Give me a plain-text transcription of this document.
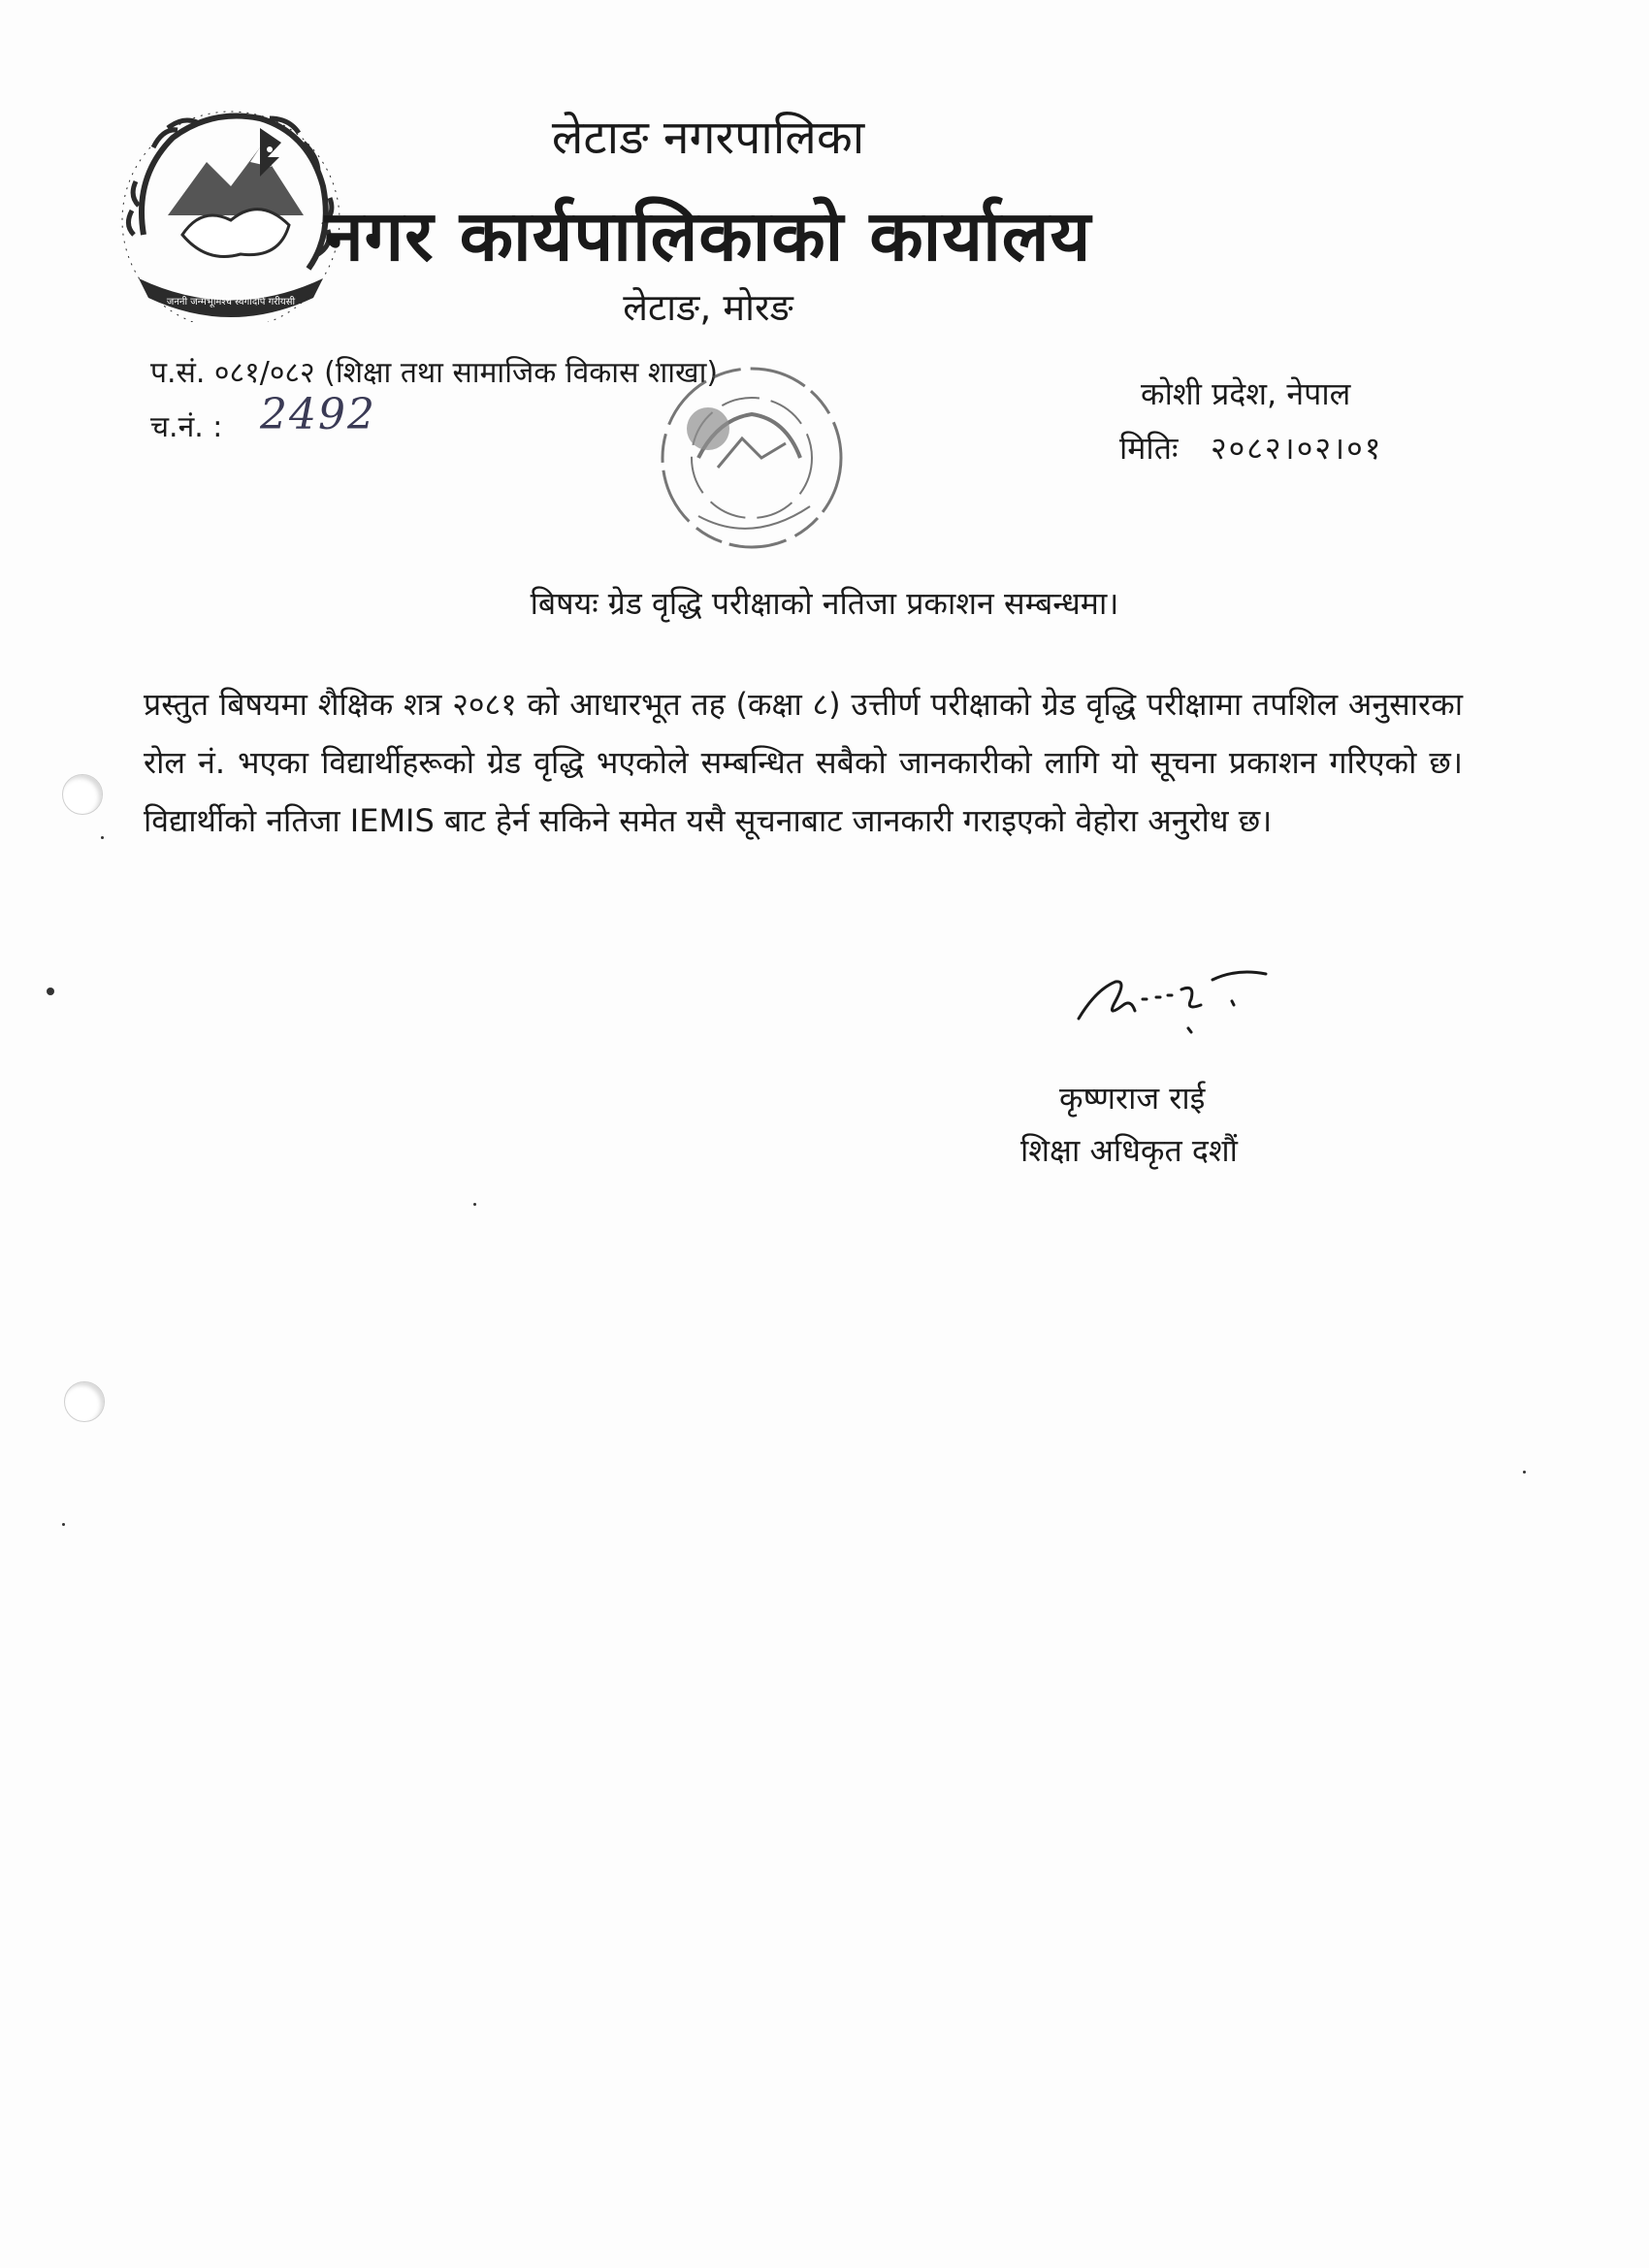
जननी जन्मभूमिश्च स्वर्गादपि गरीयसी
लेटाङ नगरपालिका
नगर कार्यपालिकाको कार्यालय
लेटाङ, मोरङ
प.सं. ०८१/०८२ (शिक्षा तथा सामाजिक विकास शाखा)
च.नं. : 2492	कोशी प्रदेश, नेपाल
मितिः २०८२।०२।०१
बिषयः ग्रेड वृद्धि परीक्षाको नतिजा प्रकाशन सम्बन्धमा।
प्रस्तुत बिषयमा शैक्षिक शत्र २०८१ को आधारभूत तह (कक्षा ८) उत्तीर्ण परीक्षाको ग्रेड वृद्धि परीक्षामा तपशिल अनुसारका रोल नं. भएका विद्यार्थीहरूको ग्रेड वृद्धि भएकोले सम्बन्धित सबैको जानकारीको लागि यो सूचना प्रकाशन गरिएको छ। विद्यार्थीको नतिजा IEMIS बाट हेर्न सकिने समेत यसै सूचनाबाट जानकारी गराइएको वेहोरा अनुरोध छ।
कृष्णराज राई
शिक्षा अधिकृत दशौं
